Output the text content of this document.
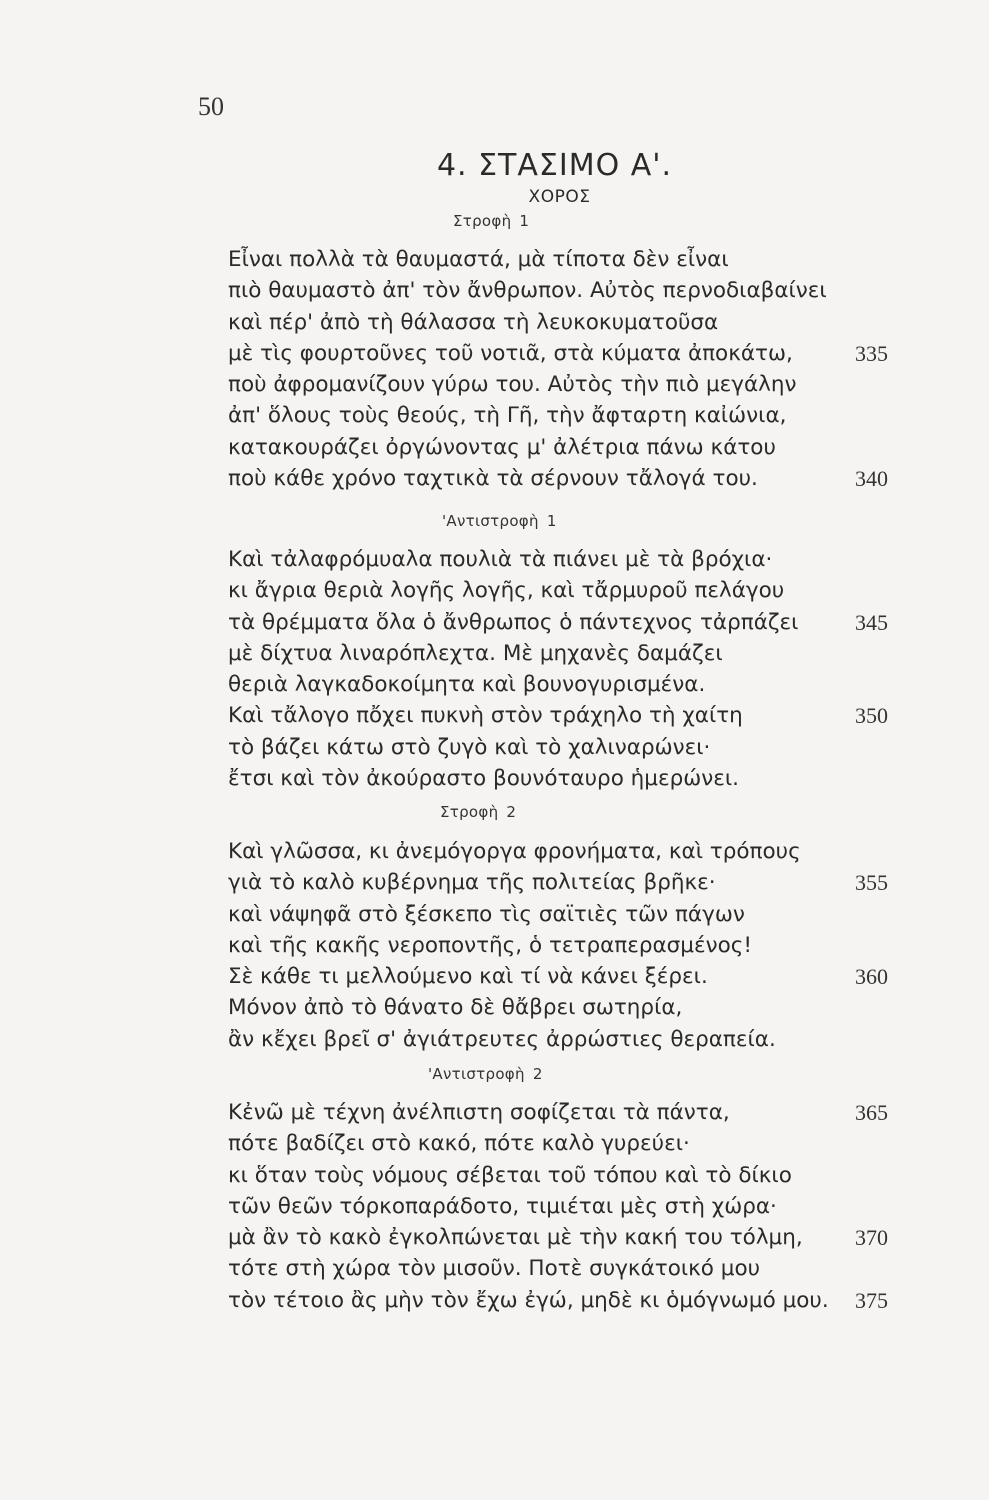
50
4. ΣΤΑΣΙΜΟ Α'.
ΧΟΡΟΣ
Στροφὴ 1
Εἶναι πολλὰ τὰ θαυμαστά, μὰ τίποτα δὲν εἶναι
πιὸ θαυμαστὸ ἀπ' τὸν ἄνθρωπον. Αὐτὸς περνοδιαβαίνει
καὶ πέρ' ἀπὸ τὴ θάλασσα τὴ λευκοκυματοῦσα
μὲ τὶς φουρτοῦνες τοῦ νοτιᾶ, στὰ κύματα ἀποκάτω,	335
ποὺ ἀφρομανίζουν γύρω του. Αὐτὸς τὴν πιὸ μεγάλην
ἀπ' ὅλους τοὺς θεούς, τὴ Γῆ, τὴν ἄφταρτη καἰώνια,
κατακουράζει ὀργώνοντας μ' ἀλέτρια πάνω κάτου
ποὺ κάθε χρόνο ταχτικὰ τὰ σέρνουν τἄλογά του.	340
'Αντιστροφὴ 1
Καὶ τἀλαφρόμυαλα πουλιὰ τὰ πιάνει μὲ τὰ βρόχια·
κι ἄγρια θεριὰ λογῆς λογῆς, καὶ τἄρμυροῦ πελάγου
τὰ θρέμματα ὅλα ὁ ἄνθρωπος ὁ πάντεχνος τἀρπάζει	345
μὲ δίχτυα λιναρόπλεχτα. Μὲ μηχανὲς δαμάζει
θεριὰ λαγκαδοκοίμητα καὶ βουνογυρισμένα.
Καὶ τἄλογο πὄχει πυκνὴ στὸν τράχηλο τὴ χαίτη	350
τὸ βάζει κάτω στὸ ζυγὸ καὶ τὸ χαλιναρώνει·
ἔτσι καὶ τὸν ἀκούραστο βουνόταυρο ἡμερώνει.
Στροφὴ 2
Καὶ γλῶσσα, κι ἀνεμόγοργα φρονήματα, καὶ τρόπους
γιὰ τὸ καλὸ κυβέρνημα τῆς πολιτείας βρῆκε·	355
καὶ νάψηφᾶ στὸ ξέσκεπο τὶς σαϊτιὲς τῶν πάγων
καὶ τῆς κακῆς νεροποντῆς, ὁ τετραπερασμένος!
Σὲ κάθε τι μελλούμενο καὶ τί νὰ κάνει ξέρει.	360
Μόνον ἀπὸ τὸ θάνατο δὲ θἄβρει σωτηρία,
ἂν κἔχει βρεῖ σ' ἀγιάτρευτες ἀρρώστιες θεραπεία.
'Αντιστροφὴ 2
Κἐνῶ μὲ τέχνη ἀνέλπιστη σοφίζεται τὰ πάντα,	365
πότε βαδίζει στὸ κακό, πότε καλὸ γυρεύει·
κι ὅταν τοὺς νόμους σέβεται τοῦ τόπου καὶ τὸ δίκιο
τῶν θεῶν τόρκοπαράδοτο, τιμιέται μὲς στὴ χώρα·
μὰ ἂν τὸ κακὸ ἐγκολπώνεται μὲ τὴν κακή του τόλμη, 370
τότε στὴ χώρα τὸν μισοῦν. Ποτὲ συγκάτοικό μου
τὸν τέτοιο ἂς μὴν τὸν ἔχω ἐγώ, μηδὲ κι ὁμόγνωμό μου. 375
